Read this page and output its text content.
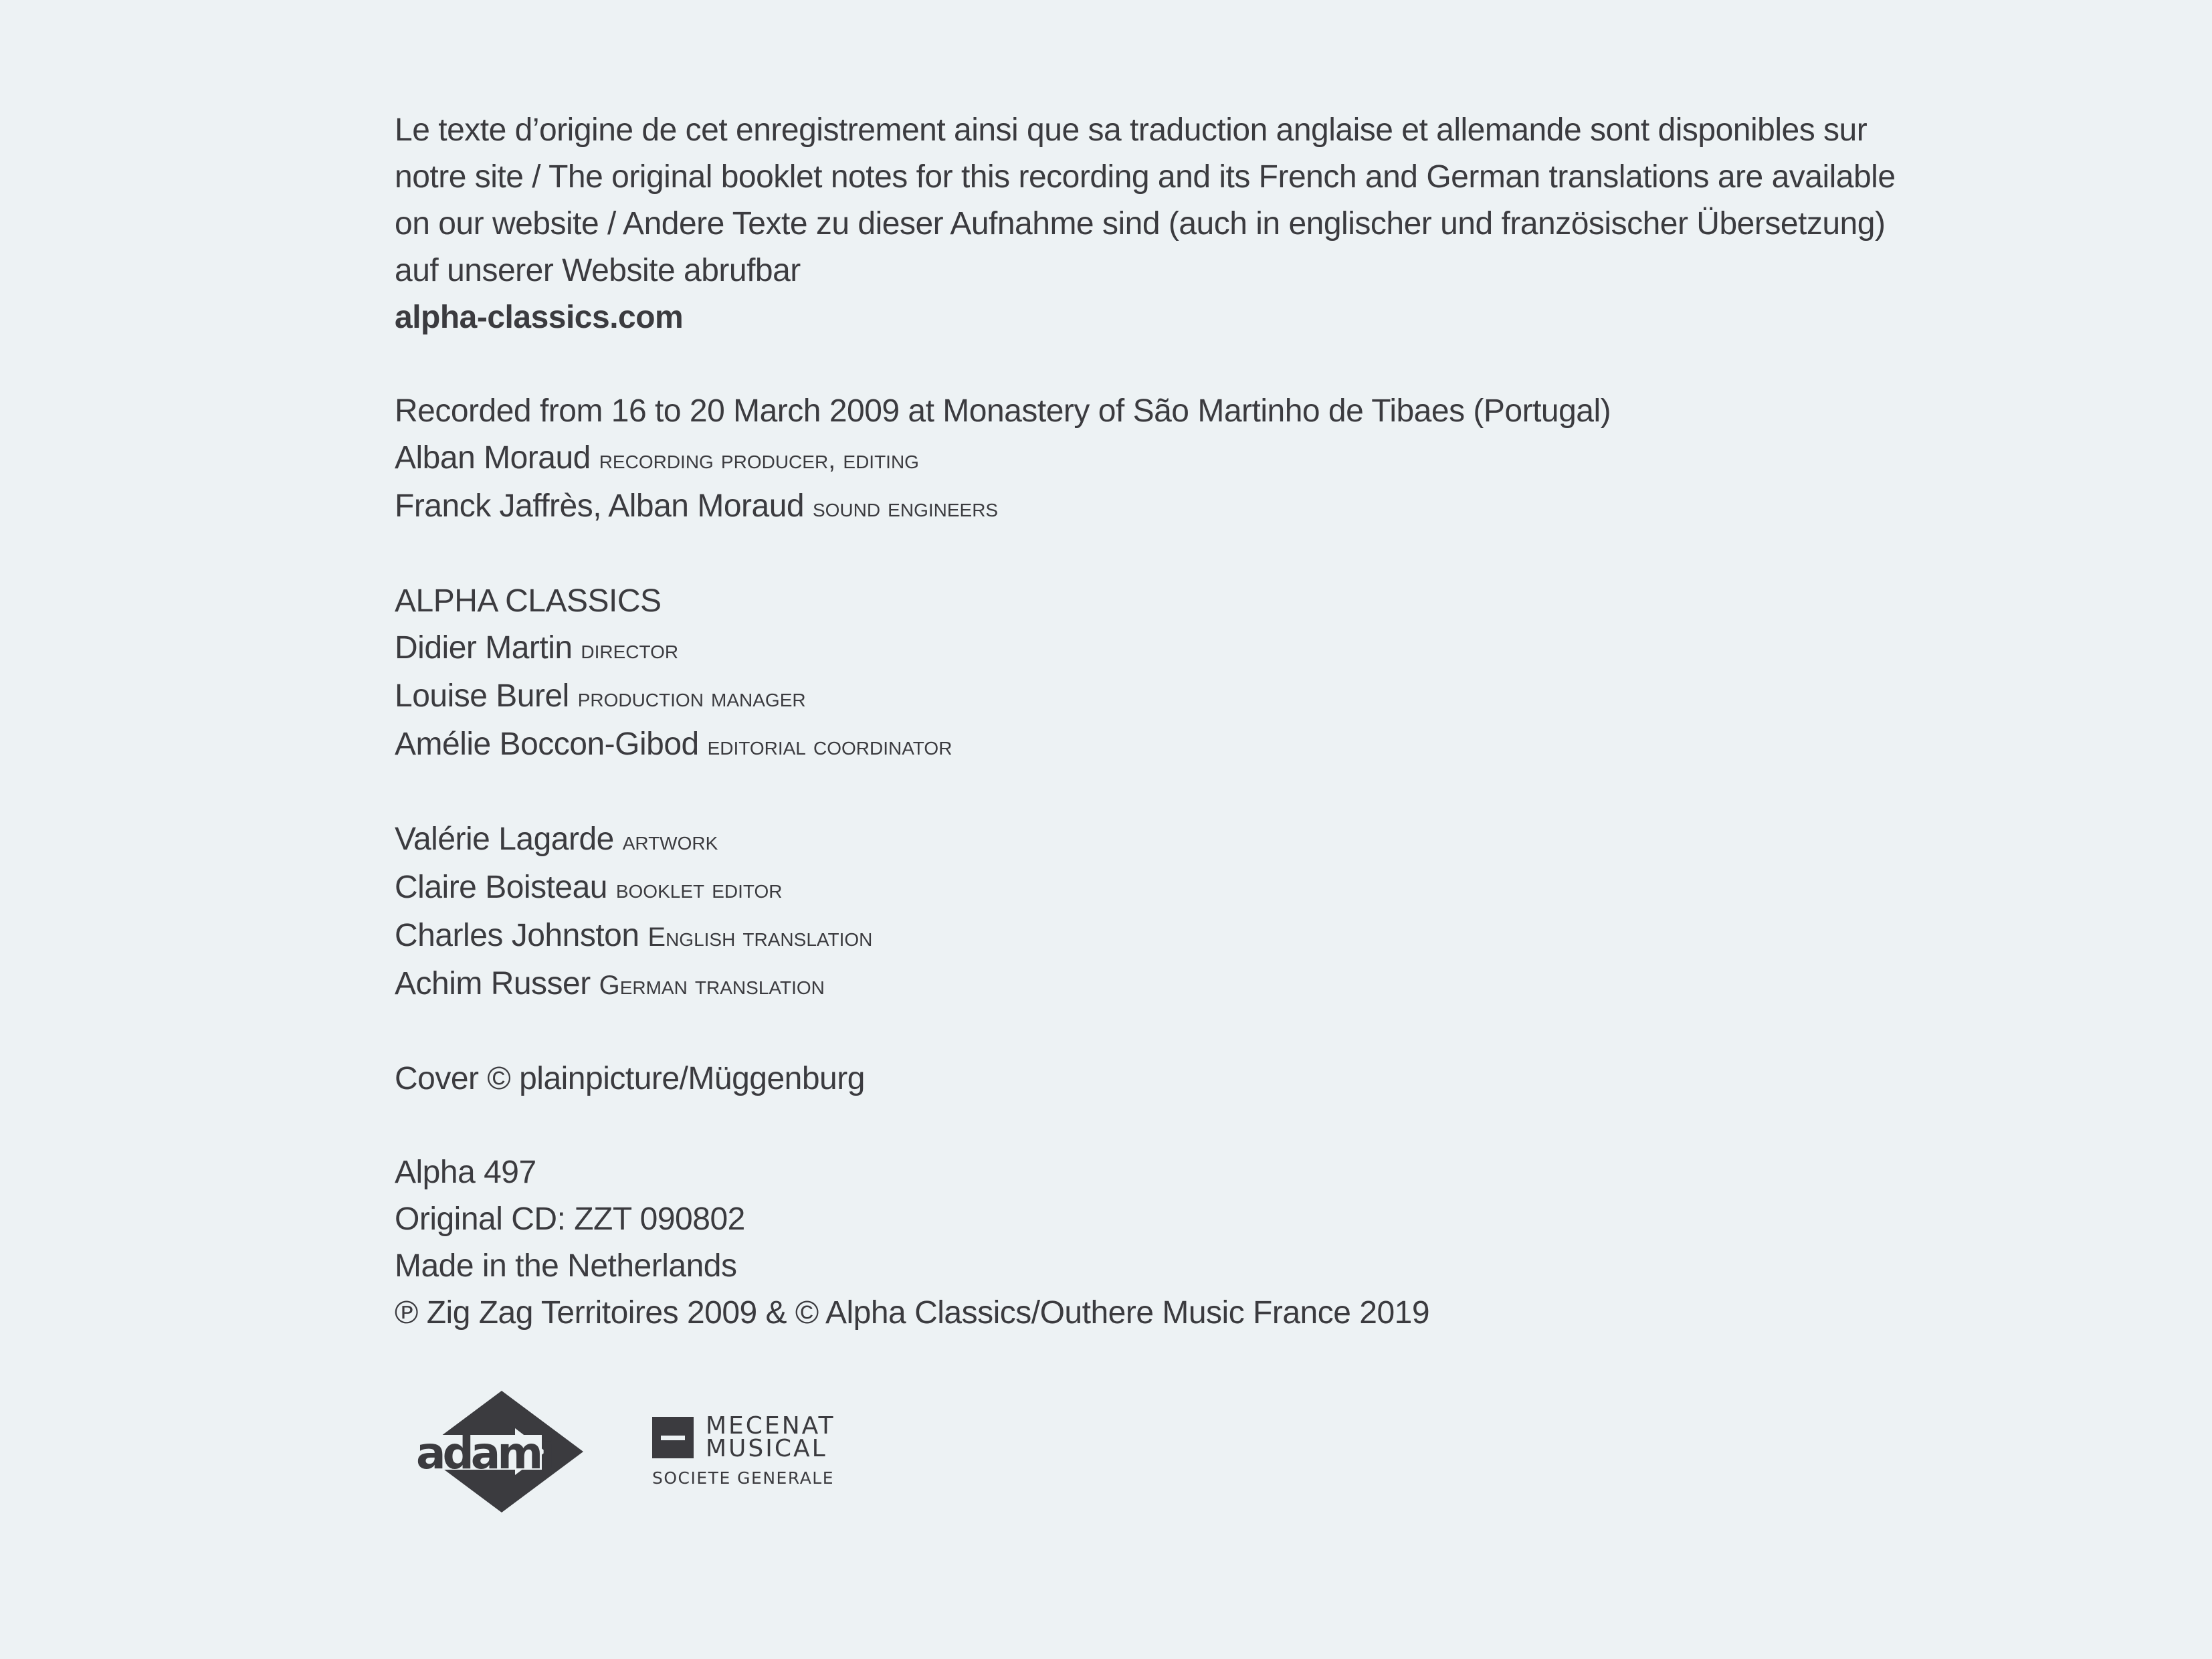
Le texte d’origine de cet enregistrement ainsi que sa traduction anglaise et allemande sont disponibles sur

notre site / The original booklet notes for this recording and its French and German translations are available

on our website / Andere Texte zu dieser Aufnahme sind (auch in englischer und französischer Übersetzung)

auf unserer Website abrufbar

alpha-classics.com

Recorded from 16 to 20 March 2009 at Monastery of São Martinho de Tibaes (Portugal)
Alban Moraud recording producer, editing
Franck Jaffrès, Alban Moraud sound engineers
ALPHA CLASSICS
Didier Martin director
Louise Burel production manager
Amélie Boccon-Gibod editorial coordinator
Valérie Lagarde artwork
Claire Boisteau booklet editor
Charles Johnston English translation
Achim Russer German translation
Cover © plainpicture/Müggenburg
Alpha 497
Original CD: ZZT 090802
Made in the Netherlands
℗ Zig Zag Territoires 2009 & © Alpha Classics/Outhere Music France 2019
adami
MECENAT
MUSICAL
SOCIETE GENERALE
